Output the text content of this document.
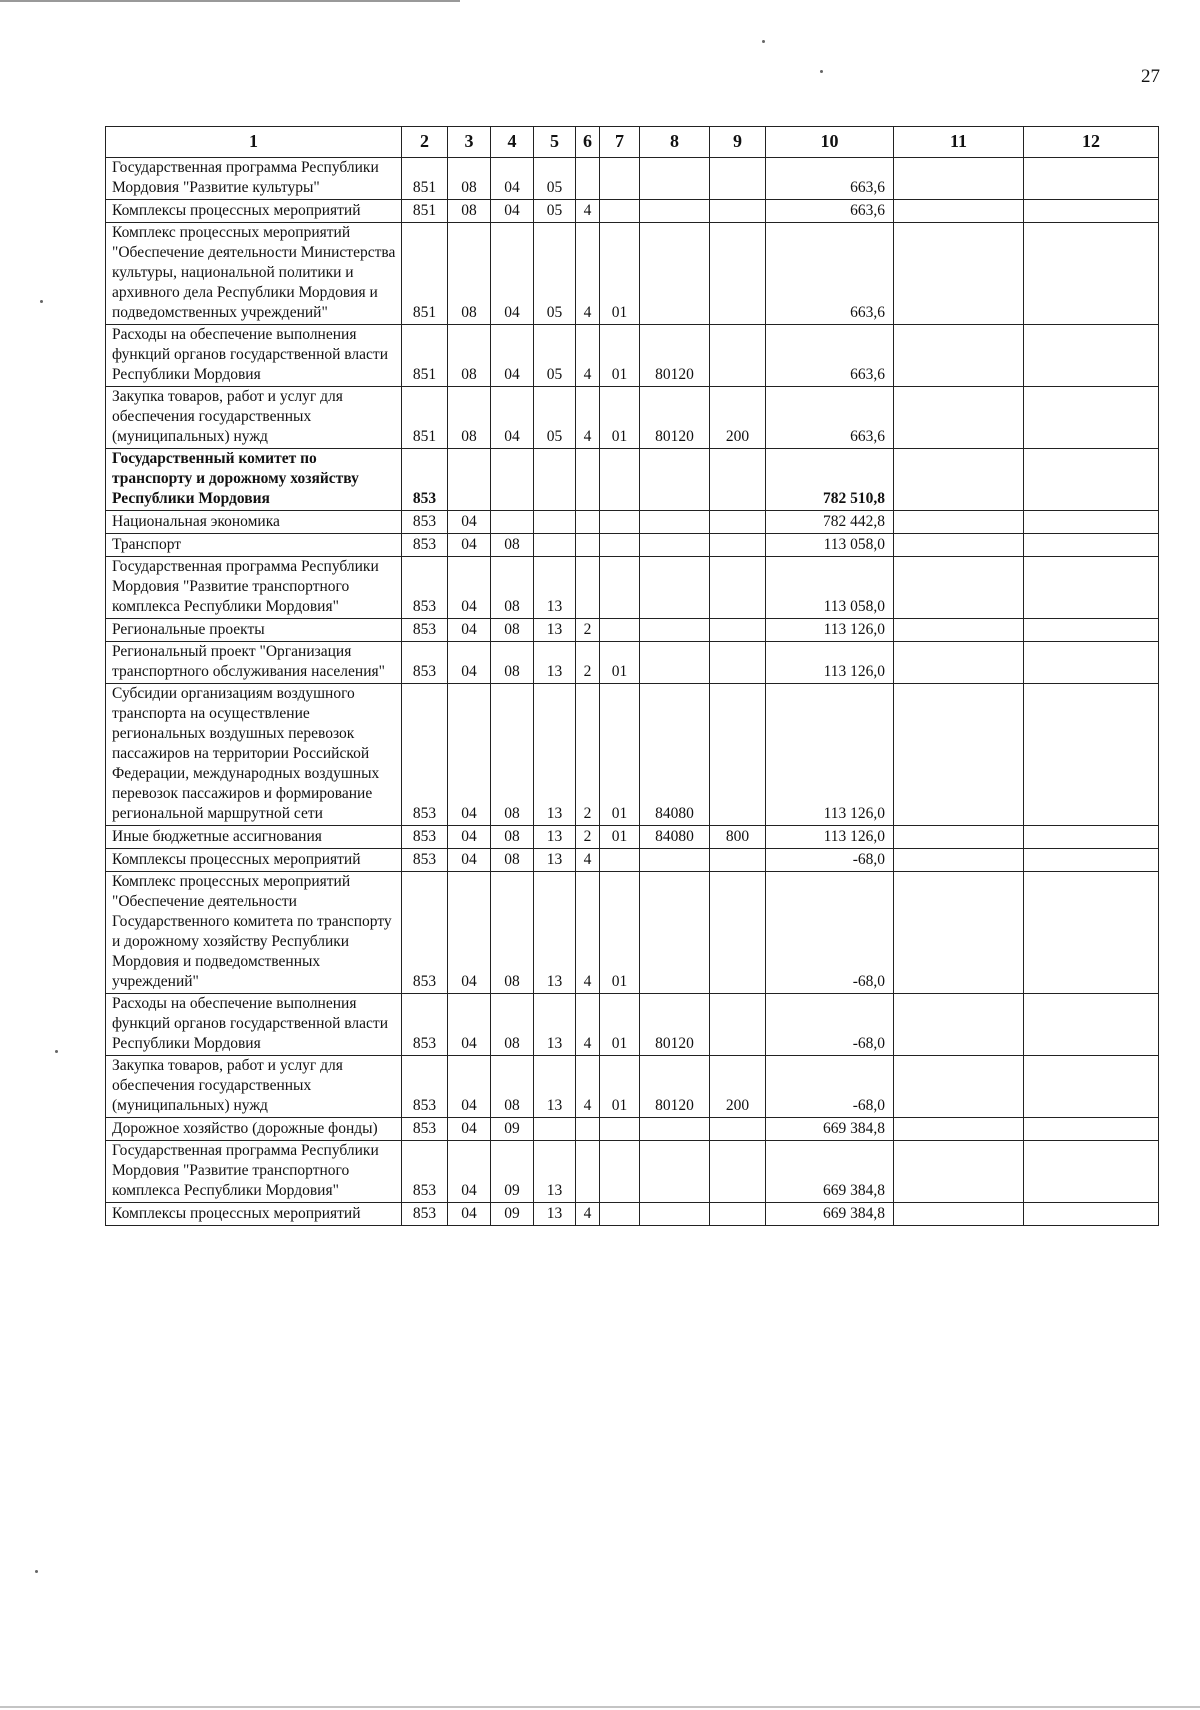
27
1	2	3	4	5	6	7	8	9	10	11	12
Государственная программа Республики Мордовия "Развитие культуры"	851	08	04	05					663,6		
Комплексы процессных мероприятий	851	08	04	05	4				663,6		
Комплекс процессных мероприятий "Обеспечение деятельности Министерства культуры, национальной политики и архивного дела Республики Мордовия и подведомственных учреждений"	851	08	04	05	4	01			663,6		
Расходы на обеспечение выполнения функций органов государственной власти Республики Мордовия	851	08	04	05	4	01	80120		663,6		
Закупка товаров, работ и услуг для обеспечения государственных (муниципальных) нужд	851	08	04	05	4	01	80120	200	663,6		
Государственный комитет по транспорту и дорожному хозяйству Республики Мордовия	853								782 510,8		
Национальная экономика	853	04							782 442,8		
Транспорт	853	04	08						113 058,0		
Государственная программа Республики Мордовия "Развитие транспортного комплекса Республики Мордовия"	853	04	08	13					113 058,0		
Региональные проекты	853	04	08	13	2				113 126,0		
Региональный проект "Организация транспортного обслуживания населения"	853	04	08	13	2	01			113 126,0		
Субсидии организациям воздушного транспорта на осуществление региональных воздушных перевозок пассажиров на территории Российской Федерации, международных воздушных перевозок пассажиров и формирование региональной маршрутной сети	853	04	08	13	2	01	84080		113 126,0		
Иные бюджетные ассигнования	853	04	08	13	2	01	84080	800	113 126,0		
Комплексы процессных мероприятий	853	04	08	13	4				-68,0		
Комплекс процессных мероприятий "Обеспечение деятельности Государственного комитета по транспорту и дорожному хозяйству Республики Мордовия и подведомственных учреждений"	853	04	08	13	4	01			-68,0		
Расходы на обеспечение выполнения функций органов государственной власти Республики Мордовия	853	04	08	13	4	01	80120		-68,0		
Закупка товаров, работ и услуг для обеспечения государственных (муниципальных) нужд	853	04	08	13	4	01	80120	200	-68,0		
Дорожное хозяйство (дорожные фонды)	853	04	09						669 384,8		
Государственная программа Республики Мордовия "Развитие транспортного комплекса Республики Мордовия"	853	04	09	13					669 384,8		
Комплексы процессных мероприятий	853	04	09	13	4				669 384,8		
